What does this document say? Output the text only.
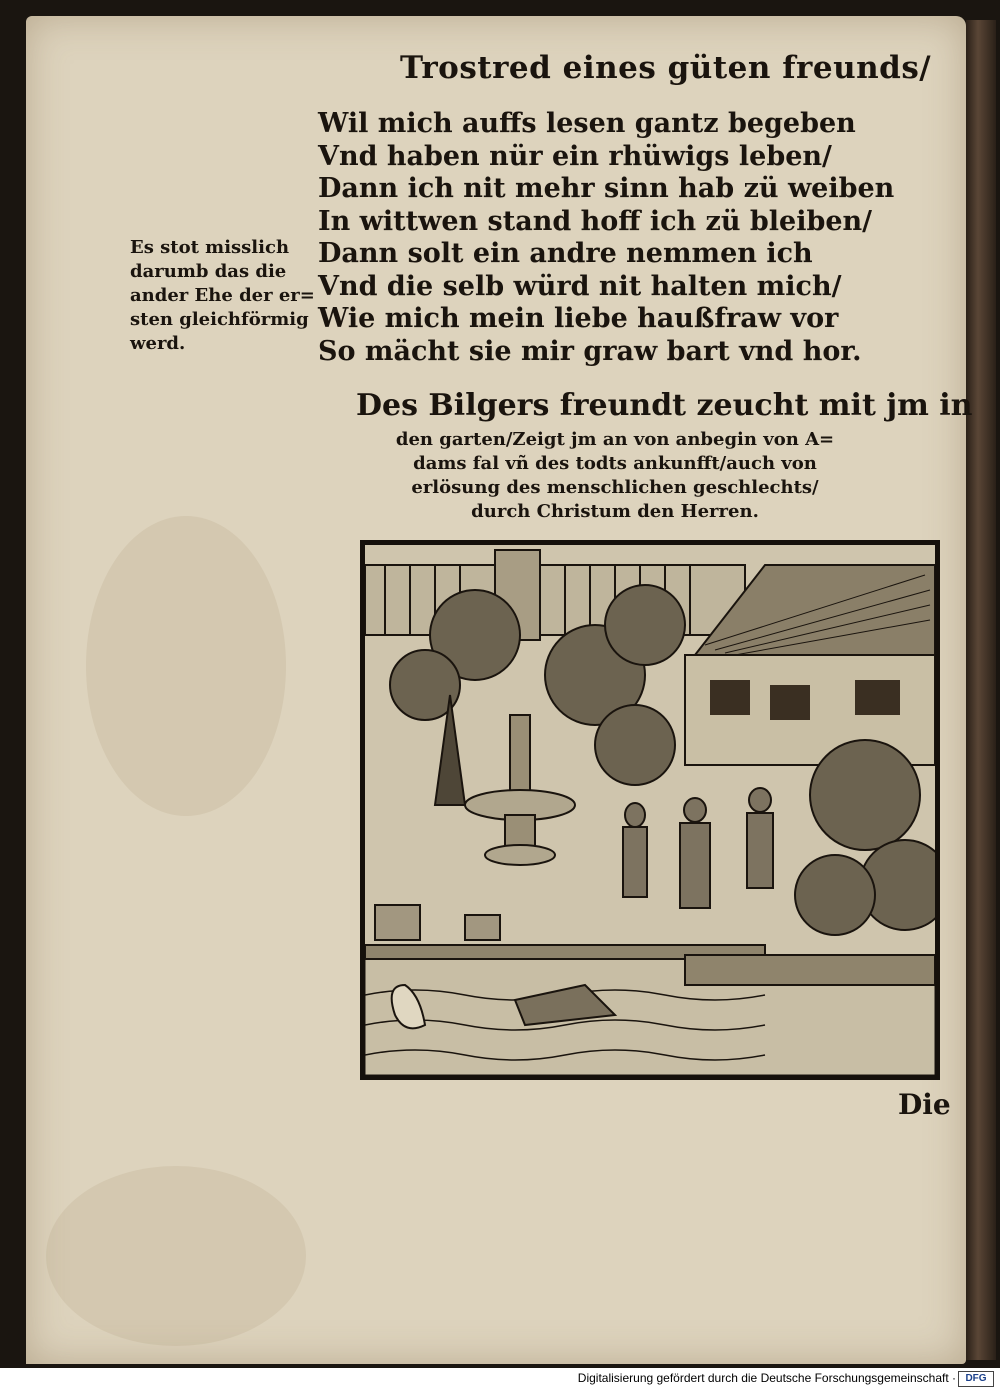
Trostred eines güten freunds/
Wil mich auffs lesen gantz begeben
Vnd haben nür ein rhüwigs leben/
Dann ich nit mehr sinn hab zü weiben
In wittwen stand hoff ich zü bleiben/
Dann solt ein andre nemmen ich
Vnd die selb würd nit halten mich/
Wie mich mein liebe haußfraw vor
So mächt sie mir graw bart vnd hor.
Es stot misslich
darumb das die
ander Ehe der er=
sten gleichförmig
werd.
Des Bilgers freundt zeucht mit jm in
den garten/Zeigt jm an von anbegin von A=
dams fal vñ des todts ankunfft/auch von
erlösung des menschlichen geschlechts/
durch Christum den Herren.
Die
Digitalisierung gefördert durch die Deutsche Forschungsgemeinschaft · DFG
